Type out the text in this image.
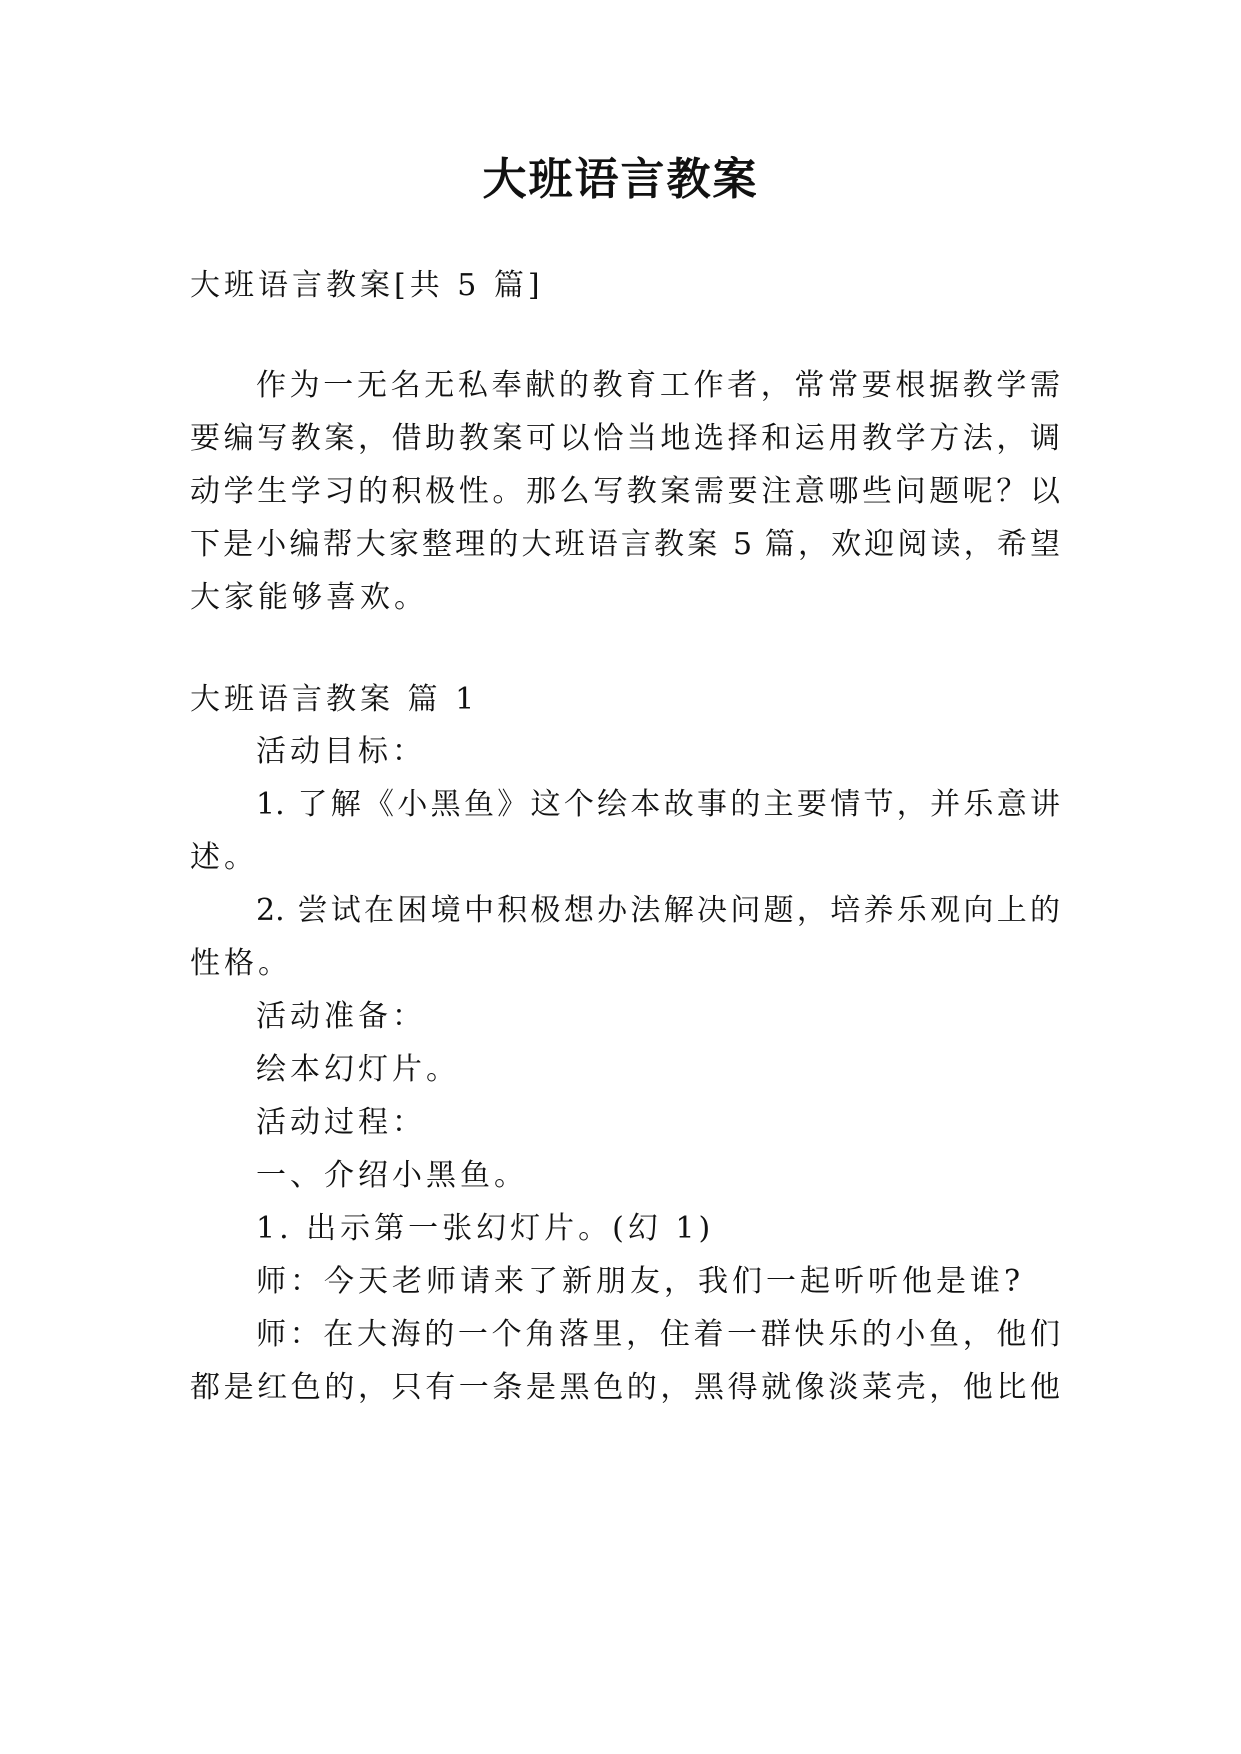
大班语言教案
大班语言教案[共 5 篇]
作为一无名无私奉献的教育工作者，常常要根据教学需
要编写教案，借助教案可以恰当地选择和运用教学方法，调
动学生学习的积极性。那么写教案需要注意哪些问题呢？以
下是小编帮大家整理的大班语言教案 5 篇，欢迎阅读，希望
大家能够喜欢。
大班语言教案 篇 1
活动目标：
1. 了解《小黑鱼》这个绘本故事的主要情节，并乐意讲
述。
2. 尝试在困境中积极想办法解决问题，培养乐观向上的
性格。
活动准备：
绘本幻灯片。
活动过程：
一、介绍小黑鱼。
1. 出示第一张幻灯片。(幻 1)
师：今天老师请来了新朋友，我们一起听听他是谁?
师：在大海的一个角落里，住着一群快乐的小鱼，他们
都是红色的，只有一条是黑色的，黑得就像淡菜壳，他比他
